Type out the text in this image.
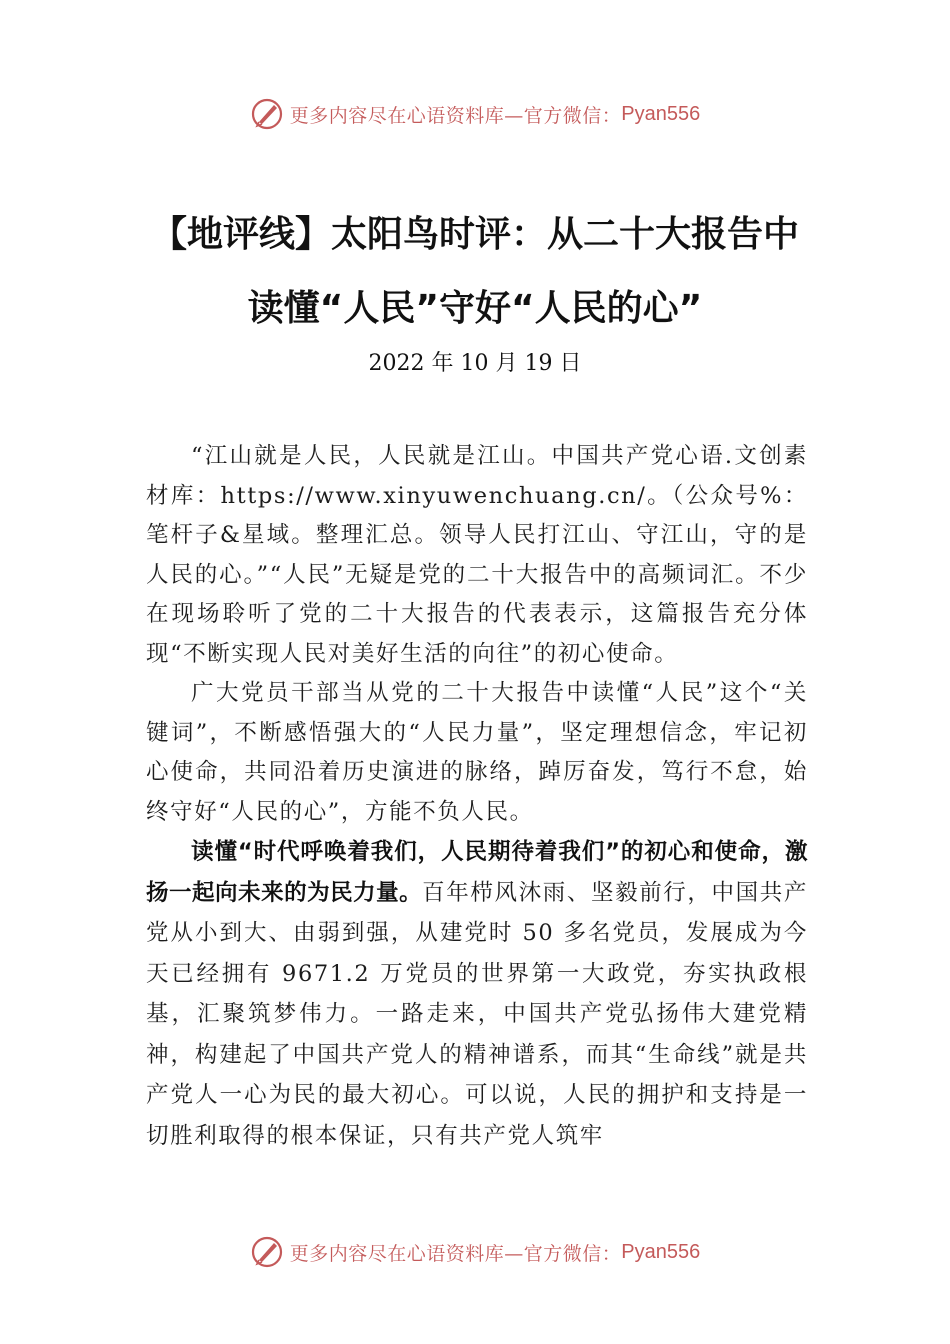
更多内容尽在心语资料库—官方微信： Pyan556
【地评线】太阳鸟时评：从二十大报告中
读懂“人民”守好“人民的心”
2022 年 10 月 19 日

“江山就是人民，人民就是江山。中国共产党心语.文创素材库：https://www.xinyuwenchuang.cn/。（公众号%：笔杆子&星域。整理汇总。领导人民打江山、守江山，守的是人民的心。”“人民”无疑是党的二十大报告中的高频词汇。不少在现场聆听了党的二十大报告的代表表示，这篇报告充分体现“不断实现人民对美好生活的向往”的初心使命。

广大党员干部当从党的二十大报告中读懂“人民”这个“关键词”，不断感悟强大的“人民力量”，坚定理想信念，牢记初心使命，共同沿着历史演进的脉络，踔厉奋发，笃行不怠，始终守好“人民的心”，方能不负人民。

读懂“时代呼唤着我们，人民期待着我们”的初心和使命，激扬一起向未来的为民力量。百年栉风沐雨、坚毅前行，中国共产党从小到大、由弱到强，从建党时 50 多名党员，发展成为今天已经拥有 9671.2 万党员的世界第一大政党，夯实执政根基，汇聚筑梦伟力。一路走来，中国共产党弘扬伟大建党精神，构建起了中国共产党人的精神谱系，而其“生命线”就是共产党人一心为民的最大初心。可以说，人民的拥护和支持是一切胜利取得的根本保证，只有共产党人筑牢

更多内容尽在心语资料库—官方微信： Pyan556
